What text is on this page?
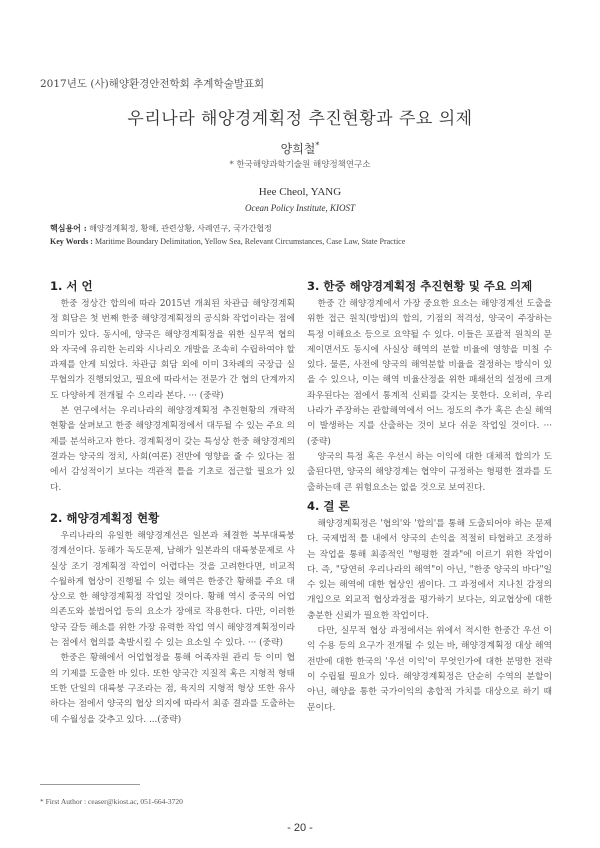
2017년도 (사)해양환경안전학회 추계학술발표회
우리나라 해양경계획정 추진현황과 주요 의제
양희철*
* 한국해양과학기술원 해양정책연구소
Hee Cheol, YANG
Ocean Policy Institute, KIOST
핵심용어 : 해양경계획정, 황해, 관련상황, 사례연구, 국가간협정
Key Words : Maritime Boundary Delimitation, Yellow Sea, Relevant Circumstances, Case Law, State Practice
1. 서 언

한중 정상간 합의에 따라 2015년 개최된 차관급 해양경계획정 회담은 첫 번째 한중 해양경계획정의 공식화 작업이라는 점에 의미가 있다. 동시에, 양국은 해양경계획정을 위한 실무적 협의와 자국에 유리한 논리와 시나리오 개발을 조속히 수립하여야 할 과제를 안게 되었다. 차관급 회담 외에 이미 3차례의 국장급 실무협의가 진행되었고, 필요에 따라서는 전문가 간 협의 단계까지도 다양하게 전개될 수 으리라 본다. ··· (중략)

본 연구에서는 우리나라의 해양경계획정 추진현황의 개략적 현황을 살펴보고 한중 해양경계획정에서 대두될 수 있는 주요 의제를 분석하고자 한다. 경계획정이 갖는 특성상 한중 해양경계의 결과는 양국의 정치, 사회(여론) 전반에 영향을 줄 수 있다는 점에서 감성적이기 보다는 객관적 틀을 기초로 접근할 필요가 있다.

2. 해양경계획정 현황

우리나라의 유일한 해양경계선은 일본과 체결한 북부대륙붕 경계선이다. 동해가 독도문제, 남해가 일본과의 대륙붕문제로 사실상 조기 경계획정 작업이 어렵다는 것을 고려한다면, 비교적 수월하게 협상이 진행될 수 있는 해역은 한중간 황해를 주요 대상으로 한 해양경계획정 작업일 것이다. 황해 역시 중국의 어업의존도와 불법어업 등의 요소가 장애로 작용한다. 다만, 이러한 양국 갈등 해소를 위한 가장 유력한 작업 역시 해양경계획정이라는 점에서 협의를 촉발시킬 수 있는 요소일 수 있다. ··· (중략)

한중은 황해에서 어업협정을 통해 어족자원 관리 등 이미 협의 기제를 도출한 바 있다. 또한 양국간 지질적 혹은 지형적 형태 또한 단일의 대륙붕 구조라는 점, 육지의 지형적 형상 또한 유사하다는 점에서 양국의 협상 의지에 따라서 최종 결과를 도출하는데 수월성을 갖추고 있다. ...(중략)

3. 한중 해양경계획정 추진현황 및 주요 의제

한중 간 해양경계에서 가장 중요한 요소는 해양경계선 도출을 위한 접근 원칙(방법)의 합의, 기점의 적격성, 양국이 주장하는 특정 이해요소 등으로 요약될 수 있다. 이들은 포괄적 원칙의 문제이면서도 동시에 사실상 해역의 분할 비율에 영향을 미칠 수 있다. 물론, 사전에 양국의 해역분할 비율을 결정하는 방식이 있을 수 있으나, 이는 해역 비율산정을 위한 패쇄선의 설정에 크게 좌우된다는 점에서 통계적 신뢰를 갖지는 못한다. 오히려, 우리나라가 주장하는 관할해역에서 어느 정도의 추가 혹은 손실 해역이 발생하는 지를 산출하는 것이 보다 쉬운 작업일 것이다. ··· (중략)

양국의 특정 혹은 우선시 하는 이익에 대한 대체적 합의가 도출된다면, 양국의 해양경계는 협약이 규정하는 형평한 결과를 도출하는데 큰 위험요소는 없을 것으로 보여진다.

4. 결 론

해양경계획정은 '협의'와 '합의'를 통해 도출되어야 하는 문제다. 국제법적 틀 내에서 양국의 손익을 적절히 타협하고 조정하는 작업을 통해 최종적인 "형평한 결과"에 이르기 위한 작업이다. 즉, "당연히 우리나라의 해역"이 아닌, "한중 양국의 바다"일 수 있는 해역에 대한 협상인 셈이다. 그 과정에서 지나친 감정의 개입으로 외교적 협상과정을 평가하기 보다는, 외교협상에 대한 충분한 신뢰가 필요한 작업이다.

다만, 실무적 협상 과정에서는 위에서 적시한 한중간 우선 이익 수용 등의 요구가 전개될 수 있는 바, 해양경계획정 대상 해역 전반에 대한 한국의 '우선 이익'이 무엇인가에 대한 분명한 전략이 수립될 필요가 있다. 해양경계획정은 단순히 수역의 분할이 아닌, 해양을 통한 국가이익의 총합적 가치를 대상으로 하기 때문이다.

* First Author : ceaser@kiost.ac, 051-664-3720
- 20 -
